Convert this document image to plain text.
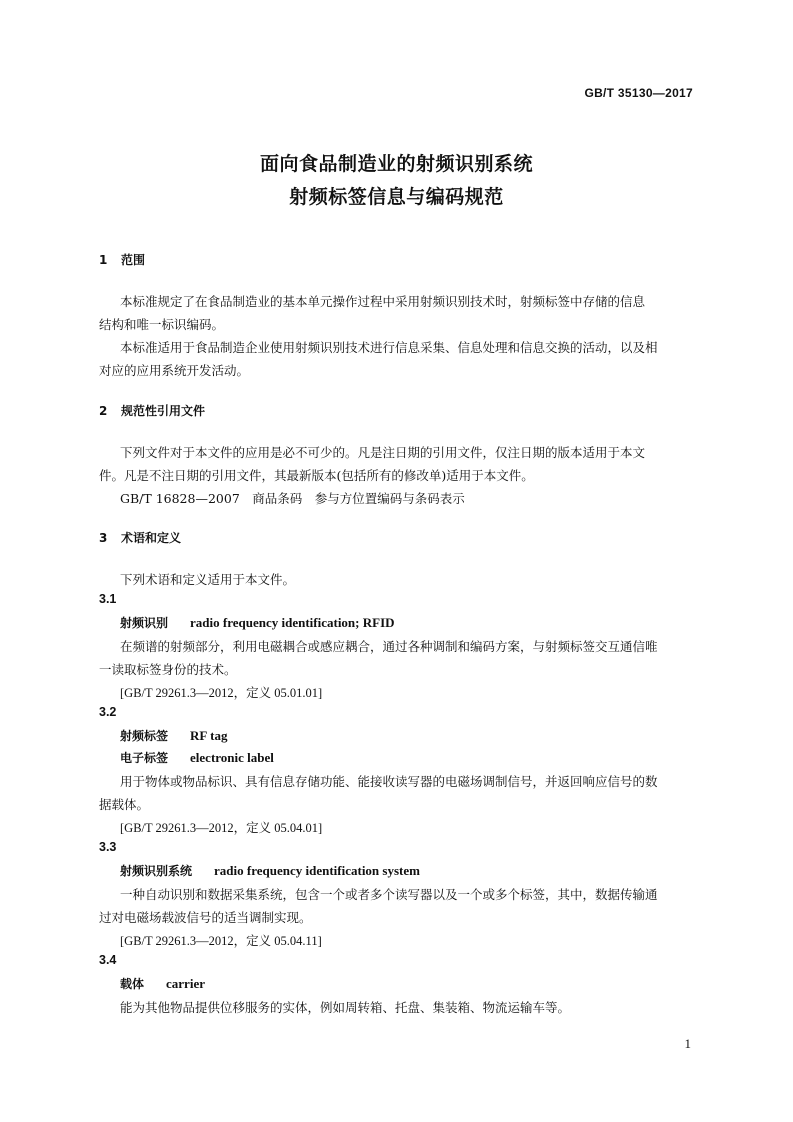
GB/T 35130—2017
面向食品制造业的射频识别系统
射频标签信息与编码规范
1 范围
本标准规定了在食品制造业的基本单元操作过程中采用射频识别技术时，射频标签中存储的信息
结构和唯一标识编码。
本标准适用于食品制造企业使用射频识别技术进行信息采集、信息处理和信息交换的活动，以及相
对应的应用系统开发活动。
2 规范性引用文件
下列文件对于本文件的应用是必不可少的。凡是注日期的引用文件，仅注日期的版本适用于本文
件。凡是不注日期的引用文件，其最新版本(包括所有的修改单)适用于本文件。
GB/T 16828—2007　商品条码　参与方位置编码与条码表示
3 术语和定义
下列术语和定义适用于本文件。
3.1
射频识别 radio frequency identification; RFID
在频谱的射频部分，利用电磁耦合或感应耦合，通过各种调制和编码方案，与射频标签交互通信唯
一读取标签身份的技术。
[GB/T 29261.3—2012，定义 05.01.01]
3.2
射频标签 RF tag
电子标签 electronic label
用于物体或物品标识、具有信息存储功能、能接收读写器的电磁场调制信号，并返回响应信号的数
据载体。
[GB/T 29261.3—2012，定义 05.04.01]
3.3
射频识别系统 radio frequency identification system
一种自动识别和数据采集系统，包含一个或者多个读写器以及一个或多个标签，其中，数据传输通
过对电磁场载波信号的适当调制实现。
[GB/T 29261.3—2012，定义 05.04.11]
3.4
载体 carrier
能为其他物品提供位移服务的实体，例如周转箱、托盘、集装箱、物流运输车等。
1
